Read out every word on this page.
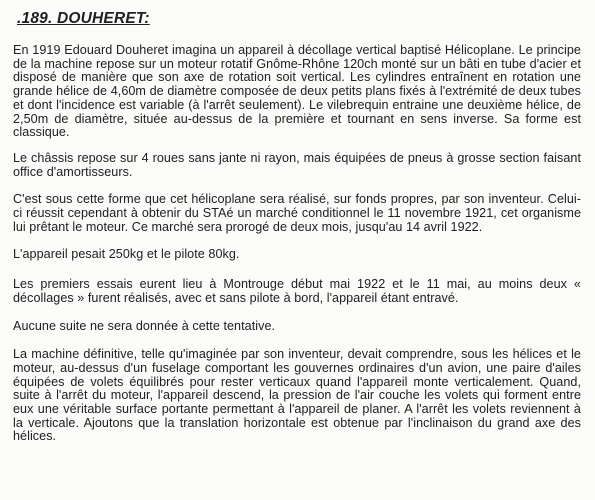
.189. DOUHERET:

En 1919 Edouard Douheret imagina un appareil à décollage vertical baptisé Hélicoplane. Le principe de la machine repose sur un moteur rotatif Gnôme-Rhône 120ch monté sur un bâti en tube d'acier et disposé de manière que son axe de rotation soit vertical. Les cylindres entraînent en rotation une grande hélice de 4,60m de diamètre composée de deux petits plans fixés à l'extrémité de deux tubes et dont l'incidence est variable (à l'arrêt seulement). Le vilebrequin entraine une deuxième hélice, de 2,50m de diamètre, située au-dessus de la première et tournant en sens inverse. Sa forme est classique.

Le châssis repose sur 4 roues sans jante ni rayon, mais équipées de pneus à grosse section faisant office d'amortisseurs.

C'est sous cette forme que cet hélicoplane sera réalisé, sur fonds propres, par son inventeur. Celui-ci réussit cependant à obtenir du STAé un marché conditionnel le 11 novembre 1921, cet organisme lui prêtant le moteur. Ce marché sera prorogé de deux mois, jusqu'au 14 avril 1922.

L'appareil pesait 250kg et le pilote 80kg.

Les premiers essais eurent lieu à Montrouge début mai 1922 et le 11 mai, au moins deux « décollages » furent réalisés, avec et sans pilote à bord, l'appareil étant entravé.

Aucune suite ne sera donnée à cette tentative.

La machine définitive, telle qu'imaginée par son inventeur, devait comprendre, sous les hélices et le moteur, au-dessus d'un fuselage comportant les gouvernes ordinaires d'un avion, une paire d'ailes équipées de volets équilibrés pour rester verticaux quand l'appareil monte verticalement. Quand, suite à l'arrêt du moteur, l'appareil descend, la pression de l'air couche les volets qui forment entre eux une véritable surface portante permettant à l'appareil de planer. A l'arrêt les volets reviennent à la verticale. Ajoutons que la translation horizontale est obtenue par l'inclinaison du grand axe des hélices.
